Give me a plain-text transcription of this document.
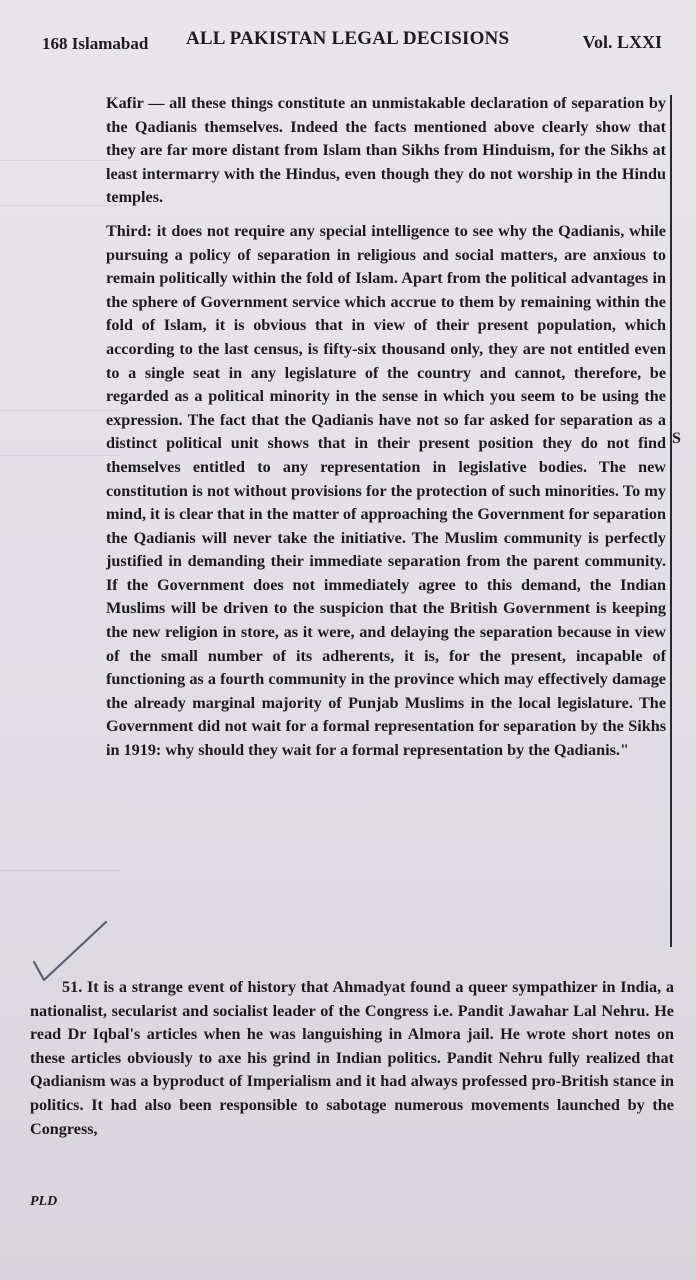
168 Islamabad ALL PAKISTAN LEGAL DECISIONS	Vol. LXXI

Kafir — all these things constitute an unmistakable declaration of separation by the Qadianis themselves. Indeed the facts mentioned above clearly show that they are far more distant from Islam than Sikhs from Hinduism, for the Sikhs at least intermarry with the Hindus, even though they do not worship in the Hindu temples.

Third: it does not require any special intelligence to see why the Qadianis, while pursuing a policy of separation in religious and social matters, are anxious to remain politically within the fold of Islam. Apart from the political advantages in the sphere of Government service which accrue to them by remaining within the fold of Islam, it is obvious that in view of their present population, which according to the last census, is fifty-six thousand only, they are not entitled even to a single seat in any legislature of the country and cannot, therefore, be regarded as a political minority in the sense in which you seem to be using the expression. The fact that the Qadianis have not so far asked for separation as a distinct political unit shows that in their present position they do not find themselves entitled to any representation in legislative bodies. The new constitution is not without provisions for the protection of such minorities. To my mind, it is clear that in the matter of approaching the Government for separation the Qadianis will never take the initiative. The Muslim community is perfectly justified in demanding their immediate separation from the parent community. If the Government does not immediately agree to this demand, the Indian Muslims will be driven to the suspicion that the British Government is keeping the new religion in store, as it were, and delaying the separation because in view of the small number of its adherents, it is, for the present, incapable of functioning as a fourth community in the province which may effectively damage the already marginal majority of Punjab Muslims in the local legislature. The Government did not wait for a formal representation for separation by the Sikhs in 1919: why should they wait for a formal representation by the Qadianis."

S

51. It is a strange event of history that Ahmadyat found a queer sympathizer in India, a nationalist, secularist and socialist leader of the Congress i.e. Pandit Jawahar Lal Nehru. He read Dr Iqbal's articles when he was languishing in Almora jail. He wrote short notes on these articles obviously to axe his grind in Indian politics. Pandit Nehru fully realized that Qadianism was a byproduct of Imperialism and it had always professed pro-British stance in politics. It had also been responsible to sabotage numerous movements launched by the Congress,

PLD
